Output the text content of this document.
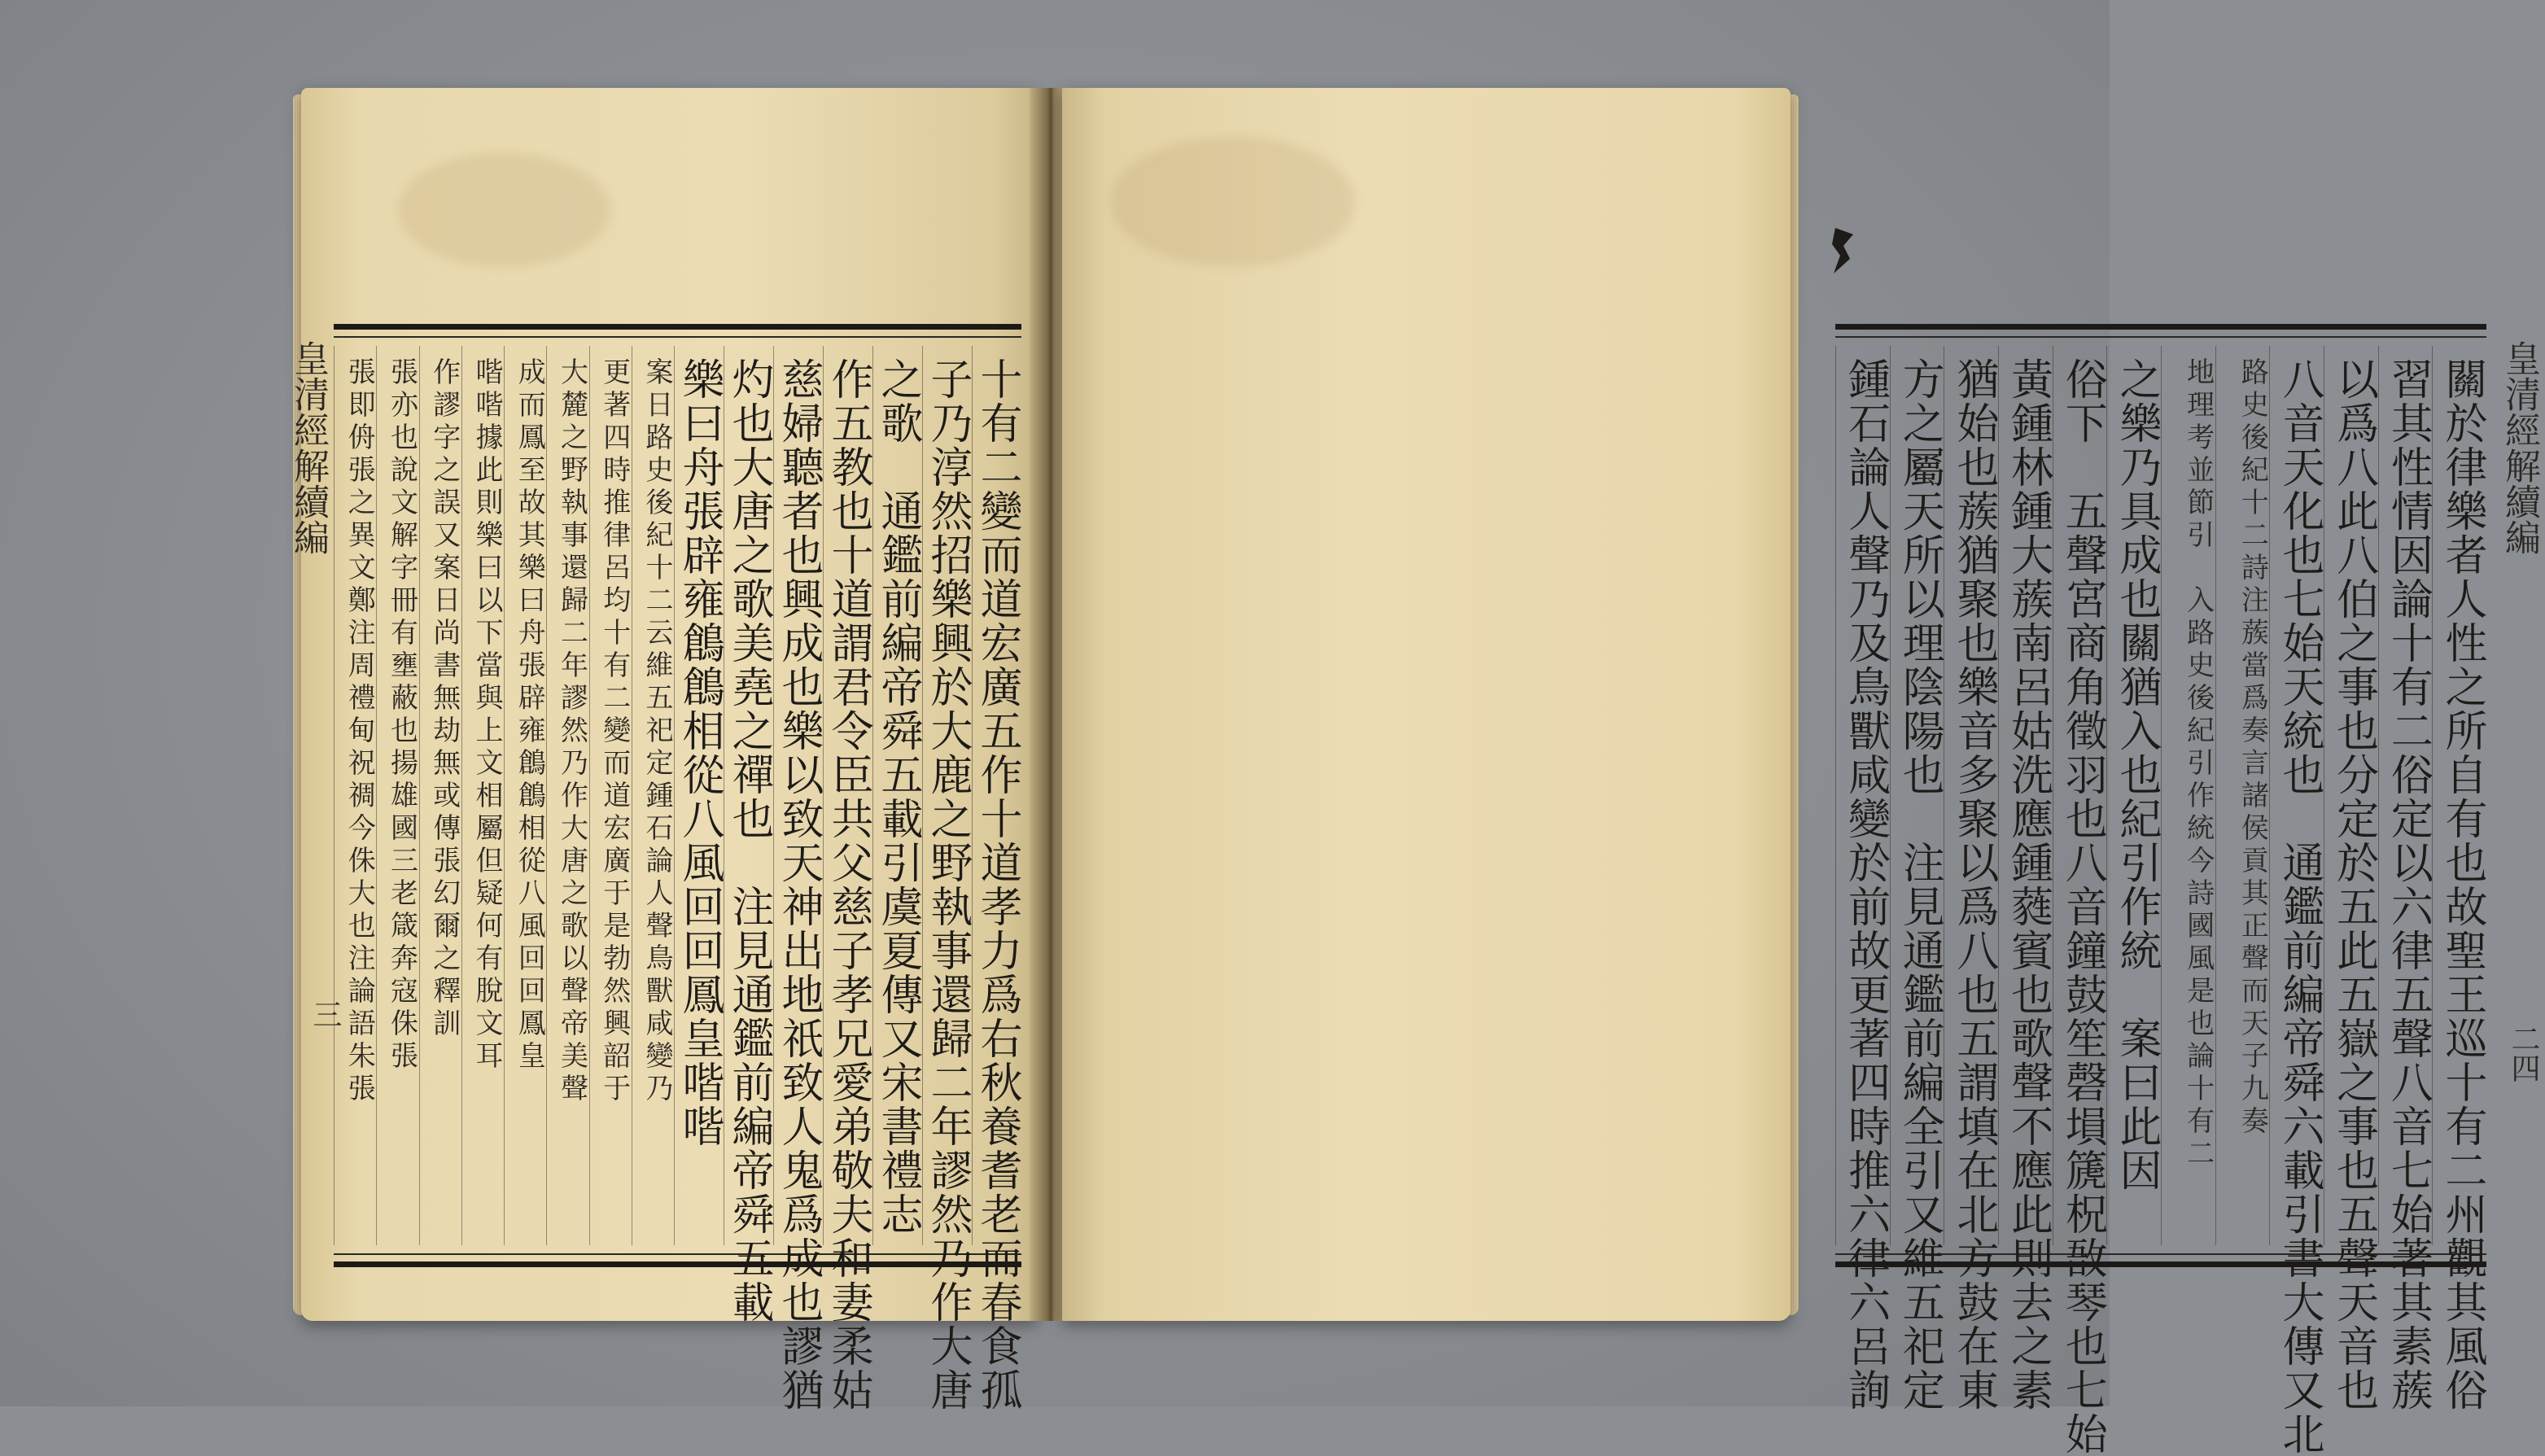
皇清經解續編	十有二變而道宏廣五作十道孝力爲右秋養耆老而春食孤
子乃淳然招樂興於大鹿之野執事還歸二年謬然乃作大唐
之歌　通鑑前編帝舜五載引虞夏傳又宋書禮志
作五教也十道謂君令臣共父慈子孝兄愛弟敬夫和妻柔姑
慈婦聽者也興成也樂以致天神出地祇致人鬼爲成也謬猶
灼也大唐之歌美堯之禪也　注見通鑑前編帝舜五載
樂曰舟張辟雍鶬鶬相從八風回回鳳皇喈喈
案日路史後紀十二云維五祀定鍾石論人聲鳥獸咸變乃
更著四時推律呂均十有二變而道宏廣于是勃然興韶于
大麓之野執事還歸二年謬然乃作大唐之歌以聲帝美聲
成而鳳至故其樂曰舟張辟雍鶬鶬相從八風回回鳳皇
喈喈據此則樂曰以下當與上文相屬但疑何有脫文耳
作謬字之誤又案日尚書無劫無或傳張幻爾之釋訓
張亦也說文解字冊有壅蔽也揚雄國三老箴奔寇侏張
張即侜張之異文鄭注周禮甸祝禂今侏大也注論語朱張
三	關於律樂者人性之所自有也故聖王巡十有二州觀其風俗
習其性情因論十有二俗定以六律五聲八音七始著其素蔟
以爲八此八伯之事也分定於五此五嶽之事也五聲天音也
八音天化也七始天統也　通鑑前編帝舜六載引書大傳又北
路史後紀十二詩注蔟當爲奏言諸侯貢其正聲而天子九奏
地理考並節引　入路史後紀引作統今詩國風是也論十有二
之樂乃具成也關猶入也紀引作統　案曰此因
俗下　五聲宮商角徵羽也八音鐘鼓笙磬塤篪柷敔琴也七始
黃鍾林鍾大蔟南呂姑洗應鍾蕤賓也歌聲不應此則去之素
猶始也蔟猶聚也樂音多聚以爲八也五謂填在北方鼓在東
方之屬天所以理陰陽也　注見通鑑前編全引又維五祀定
鍾石論人聲乃及鳥獸咸變於前故更著四時推六律六呂詢	皇清經解續編
二四
